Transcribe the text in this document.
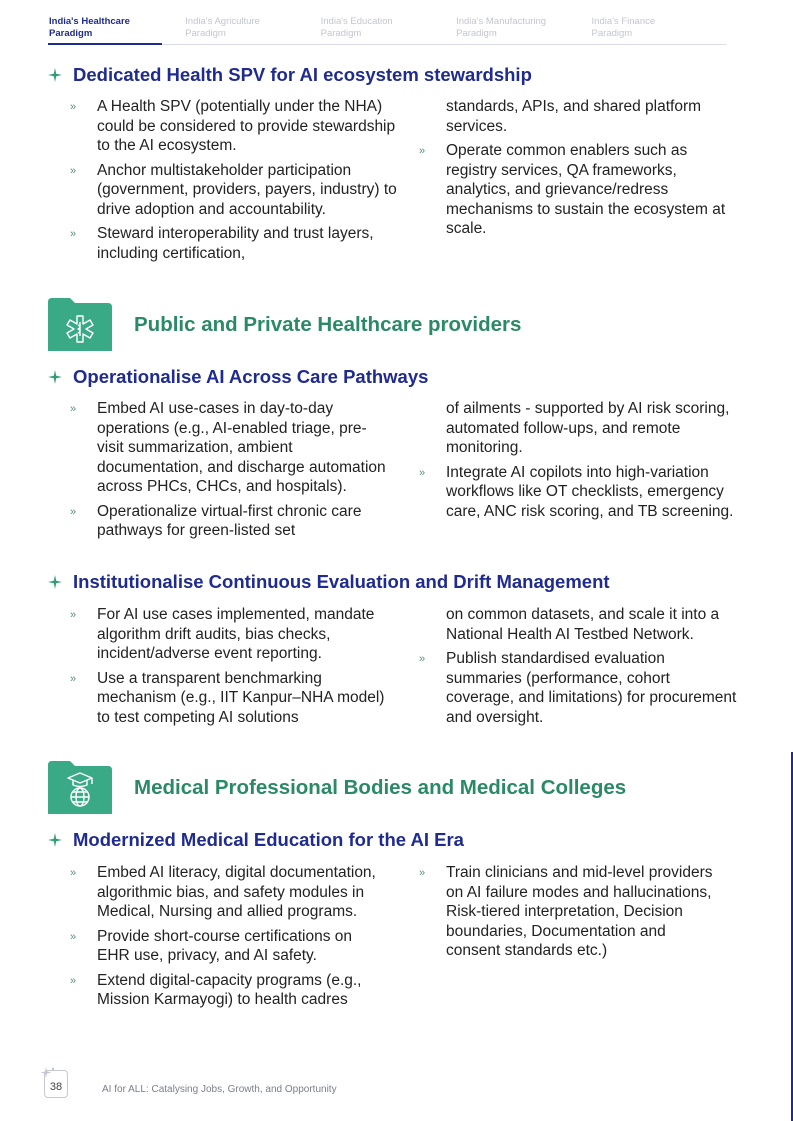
India's Healthcare
Paradigm
India's Agriculture
Paradigm
India's Education
Paradigm
India's Manufacturing
Paradigm
India's Finance
Paradigm
Dedicated Health SPV for AI ecosystem stewardship
» A Health SPV (potentially under the NHA) could be considered to provide stewardship to the AI ecosystem.
» Anchor multistakeholder participation (government, providers, payers, industry) to drive adoption and accountability.
» Steward interoperability and trust layers, including certification,
standards, APIs, and shared platform services.
» Operate common enablers such as registry services, QA frameworks, analytics, and grievance/redress mechanisms to sustain the ecosystem at scale.
Public and Private Healthcare providers
Operationalise AI Across Care Pathways
» Embed AI use-cases in day-to-day operations (e.g., AI-enabled triage, pre-visit summarization, ambient documentation, and discharge automation across PHCs, CHCs, and hospitals).
» Operationalize virtual-first chronic care pathways for green-listed set
of ailments - supported by AI risk scoring, automated follow-ups, and remote monitoring.
» Integrate AI copilots into high-variation workflows like OT checklists, emergency care, ANC risk scoring, and TB screening.
Institutionalise Continuous Evaluation and Drift Management
» For AI use cases implemented, mandate algorithm drift audits, bias checks, incident/adverse event reporting.
» Use a transparent benchmarking mechanism (e.g., IIT Kanpur–NHA model) to test competing AI solutions
on common datasets, and scale it into a National Health AI Testbed Network.
» Publish standardised evaluation summaries (performance, cohort coverage, and limitations) for procurement and oversight.
Medical Professional Bodies and Medical Colleges
Modernized Medical Education for the AI Era
» Embed AI literacy, digital documentation, algorithmic bias, and safety modules in Medical, Nursing and allied programs.
» Provide short-course certifications on EHR use, privacy, and AI safety.
» Extend digital-capacity programs (e.g., Mission Karmayogi) to health cadres
» Train clinicians and mid-level providers on AI failure modes and hallucinations, Risk-tiered interpretation, Decision boundaries, Documentation and consent standards etc.)
38	AI for ALL: Catalysing Jobs, Growth, and Opportunity
